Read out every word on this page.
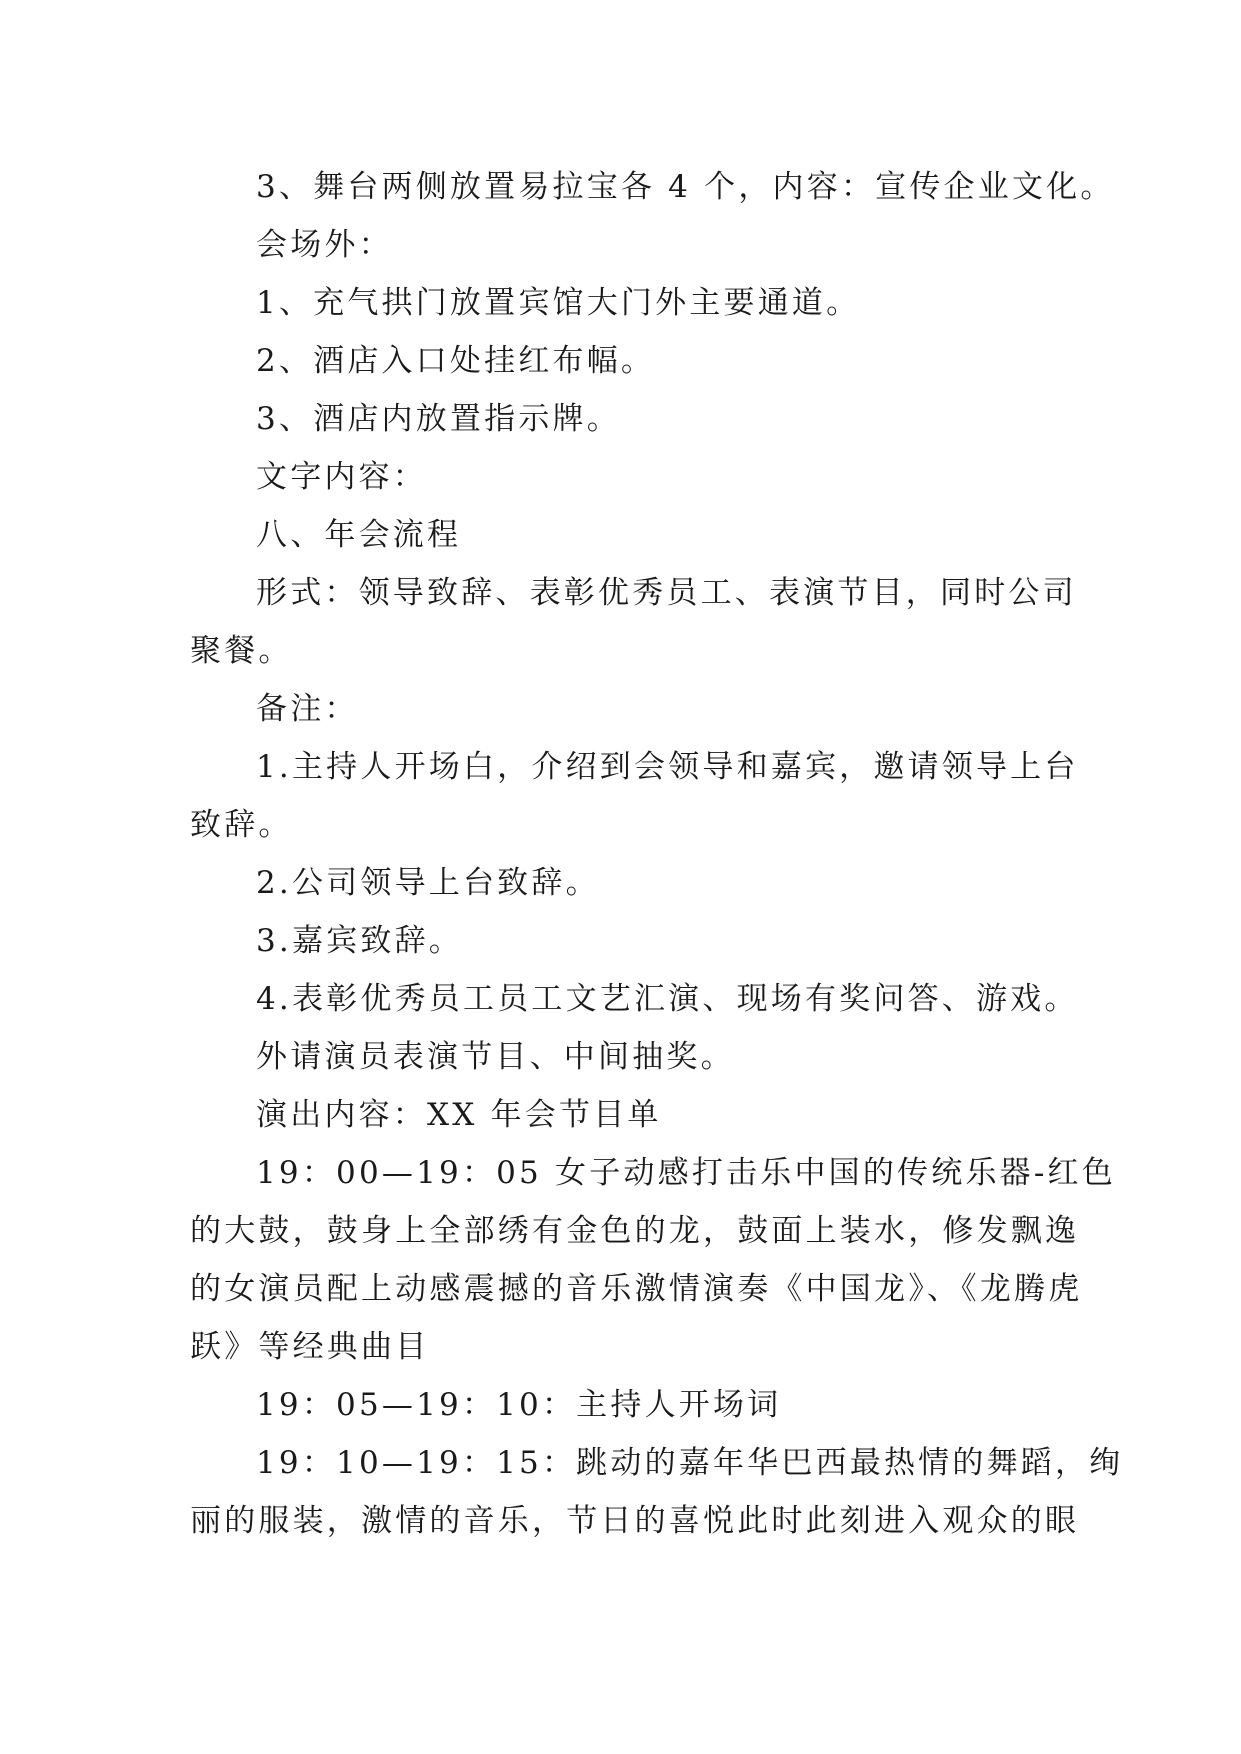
3、舞台两侧放置易拉宝各 4 个，内容：宣传企业文化。
会场外：
1、充气拱门放置宾馆大门外主要通道。
2、酒店入口处挂红布幅。
3、酒店内放置指示牌。
文字内容：
八、年会流程
形式：领导致辞、表彰优秀员工、表演节目，同时公司
聚餐。
备注：
1.主持人开场白，介绍到会领导和嘉宾，邀请领导上台
致辞。
2.公司领导上台致辞。
3.嘉宾致辞。
4.表彰优秀员工员工文艺汇演、现场有奖问答、游戏。
外请演员表演节目、中间抽奖。
演出内容：XX 年会节目单
19：00—19：05 女子动感打击乐中国的传统乐器-红色
的大鼓，鼓身上全部绣有金色的龙，鼓面上装水，修发飘逸
的女演员配上动感震撼的音乐激情演奏《中国龙》、《龙腾虎
跃》等经典曲目
19：05—19：10：主持人开场词
19：10—19：15：跳动的嘉年华巴西最热情的舞蹈，绚
丽的服装，激情的音乐，节日的喜悦此时此刻进入观众的眼
